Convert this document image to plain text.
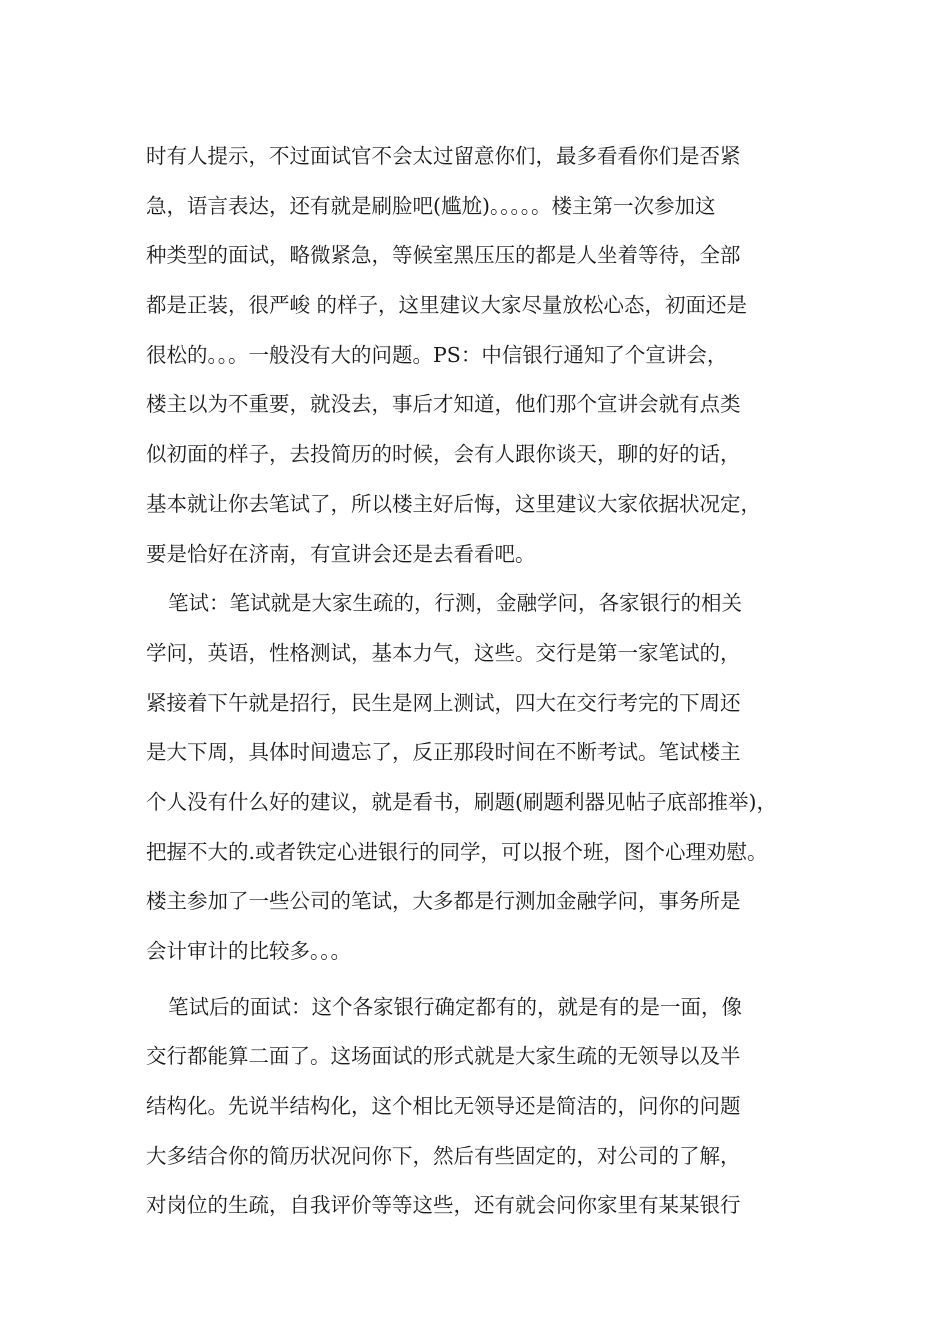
时有人提示，不过面试官不会太过留意你们，最多看看你们是否紧
急，语言表达，还有就是刷脸吧(尴尬)。。。。。楼主第一次参加这
种类型的面试，略微紧急，等候室黑压压的都是人坐着等待，全部
都是正装，很严峻 的样子，这里建议大家尽量放松心态，初面还是
很松的。。。一般没有大的问题。PS：中信银行通知了个宣讲会，
楼主以为不重要，就没去，事后才知道，他们那个宣讲会就有点类
似初面的样子，去投简历的时候，会有人跟你谈天，聊的好的话，
基本就让你去笔试了，所以楼主好后悔，这里建议大家依据状况定，
要是恰好在济南，有宣讲会还是去看看吧。
笔试：笔试就是大家生疏的，行测，金融学问，各家银行的相关
学问，英语，性格测试，基本力气，这些。交行是第一家笔试的，
紧接着下午就是招行，民生是网上测试，四大在交行考完的下周还
是大下周，具体时间遗忘了，反正那段时间在不断考试。笔试楼主
个人没有什么好的建议，就是看书，刷题(刷题利器见帖子底部推举)，
把握不大的.或者铁定心进银行的同学，可以报个班，图个心理劝慰。
楼主参加了一些公司的笔试，大多都是行测加金融学问，事务所是
会计审计的比较多。。。
笔试后的面试：这个各家银行确定都有的，就是有的是一面，像
交行都能算二面了。这场面试的形式就是大家生疏的无领导以及半
结构化。先说半结构化，这个相比无领导还是简洁的，问你的问题
大多结合你的简历状况问你下，然后有些固定的，对公司的了解，
对岗位的生疏，自我评价等等这些，还有就会问你家里有某某银行
